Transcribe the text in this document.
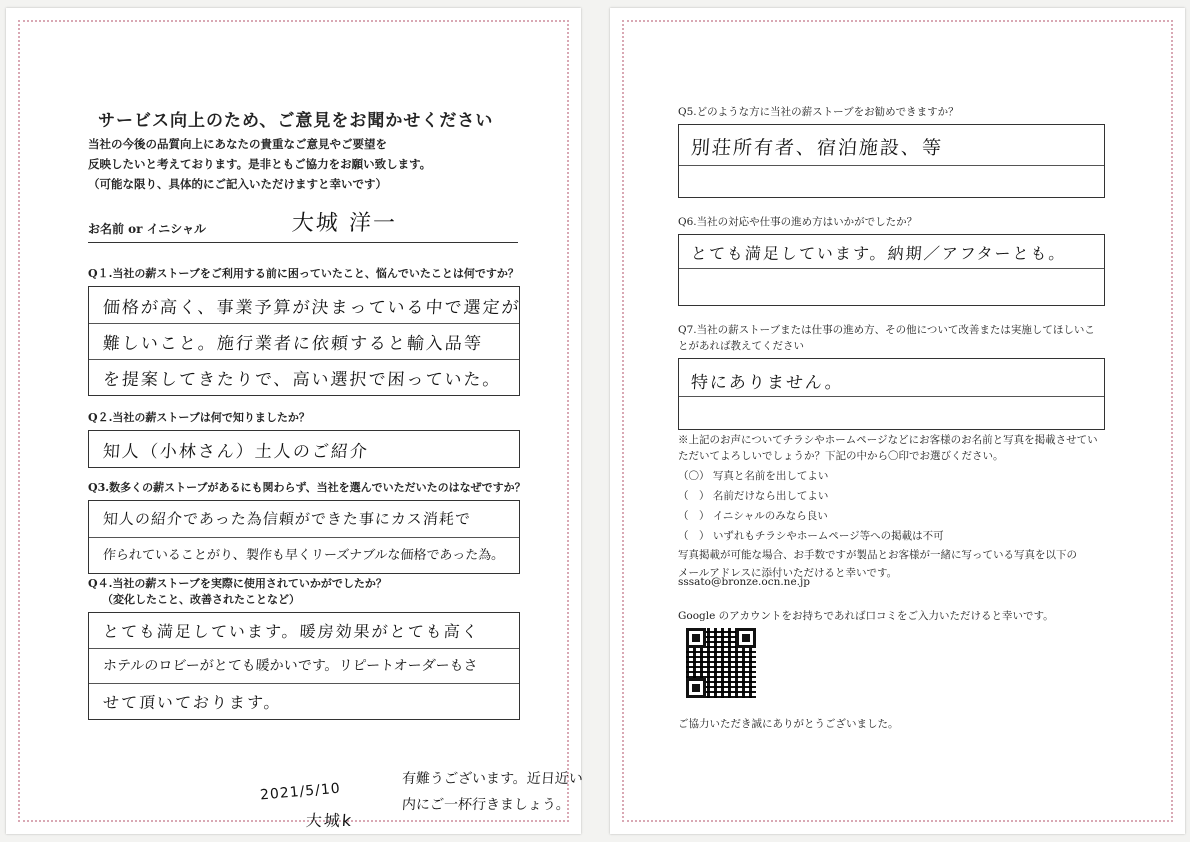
サービス向上のため、ご意見をお聞かせください
当社の今後の品質向上にあなたの貴重なご意見やご要望を
反映したいと考えております。是非ともご協力をお願い致します。
（可能な限り、具体的にご記入いただけますと幸いです）
お名前 or イニシャル	大城 洋一
Q１.当社の薪ストーブをご利用する前に困っていたこと、悩んでいたことは何ですか？
価格が高く、事業予算が決まっている中で選定が
難しいこと。施行業者に依頼すると輸入品等
を提案してきたりで、高い選択で困っていた。
Q２.当社の薪ストーブは何で知りましたか？
知人（小林さん）土人のご紹介
Q3.数多くの薪ストーブがあるにも関わらず、当社を選んでいただいたのはなぜですか？
知人の紹介であった為信頼ができた事にカス消耗で
作られていることがり、製作も早くリーズナブルな価格であった為。
Q４.当社の薪ストーブを実際に使用されていかがでしたか？
（変化したこと、改善されたことなど）
とても満足しています。暖房効果がとても高く
ホテルのロビーがとても暖かいです。リピートオーダーもさ
せて頂いております。
2021/5/10
大城k
有難うございます。近日近い
内にご一杯行きましょう。
Q5.どのような方に当社の薪ストーブをお勧めできますか？
別荘所有者、宿泊施設、等
Q6.当社の対応や仕事の進め方はいかがでしたか？
とても満足しています。納期／アフターとも。
Q7.当社の薪ストーブまたは仕事の進め方、その他について改善または実施してほしいこ
とがあれば教えてください
特にありません。
※上記のお声についてチラシやホームページなどにお客様のお名前と写真を掲載させてい
ただいてよろしいでしょうか？下記の中から〇印でお選びください。
（〇） 写真と名前を出してよい
（　） 名前だけなら出してよい
（　） イニシャルのみなら良い
（　） いずれもチラシやホームページ等への掲載は不可
写真掲載が可能な場合、お手数ですが製品とお客様が一緒に写っている写真を以下の
メールアドレスに添付いただけると幸いです。
sssato@bronze.ocn.ne.jp
Google のアカウントをお持ちであれば口コミをご入力いただけると幸いです。
ご協力いただき誠にありがとうございました。
